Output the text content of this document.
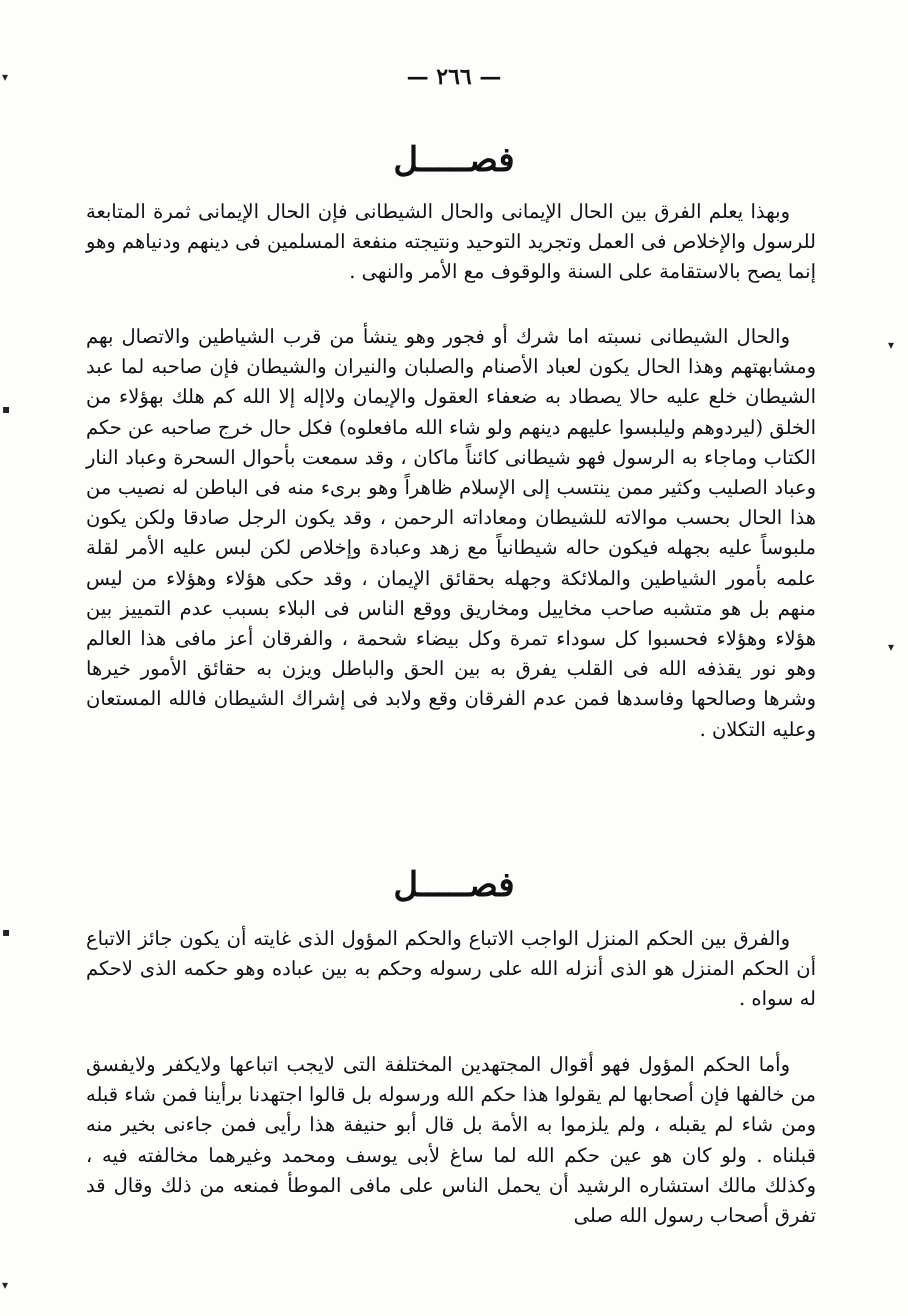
— ٢٦٦ —
فصـــــل

وبهذا يعلم الفرق بين الحال الإيمانى والحال الشيطانى فإن الحال الإيمانى ثمرة المتابعة للرسول والإخلاص فى العمل وتجريد التوحيد ونتيجته منفعة المسلمين فى دينهم ودنياهم وهو إنما يصح بالاستقامة على السنة والوقوف مع الأمر والنهى .

والحال الشيطانى نسبته اما شرك أو فجور وهو ينشأ من قرب الشياطين والاتصال بهم ومشابهتهم وهذا الحال يكون لعباد الأصنام والصلبان والنيران والشيطان فإن صاحبه لما عبد الشيطان خلع عليه حالا يصطاد به ضعفاء العقول والإيمان ولاإله إلا الله كم هلك بهؤلاء من الخلق (ليردوهم وليلبسوا عليهم دينهم ولو شاء الله مافعلوه) فكل حال خرج صاحبه عن حكم الكتاب وماجاء به الرسول فهو شيطانى كائناً ماكان ، وقد سمعت بأحوال السحرة وعباد النار وعباد الصليب وكثير ممن ينتسب إلى الإسلام ظاهراً وهو برىء منه فى الباطن له نصيب من هذا الحال بحسب موالاته للشيطان ومعاداته الرحمن ، وقد يكون الرجل صادقا ولكن يكون ملبوساً عليه بجهله فيكون حاله شيطانياً مع زهد وعبادة وإخلاص لكن لبس عليه الأمر لقلة علمه بأمور الشياطين والملائكة وجهله بحقائق الإيمان ، وقد حكى هؤلاء وهؤلاء من ليس منهم بل هو متشبه صاحب مخاييل ومخاريق ووقع الناس فى البلاء بسبب عدم التمييز بين هؤلاء وهؤلاء فحسبوا كل سوداء تمرة وكل بيضاء شحمة ، والفرقان أعز مافى هذا العالم وهو نور يقذفه الله فى القلب يفرق به بين الحق والباطل ويزن به حقائق الأمور خيرها وشرها وصالحها وفاسدها فمن عدم الفرقان وقع ولابد فى إشراك الشيطان فالله المستعان وعليه التكلان .

فصـــــل

والفرق بين الحكم المنزل الواجب الاتباع والحكم المؤول الذى غايته أن يكون جائز الاتباع أن الحكم المنزل هو الذى أنزله الله على رسوله وحكم به بين عباده وهو حكمه الذى لاحكم له سواه .

وأما الحكم المؤول فهو أقوال المجتهدين المختلفة التى لايجب اتباعها ولايكفر ولايفسق من خالفها فإن أصحابها لم يقولوا هذا حكم الله ورسوله بل قالوا اجتهدنا برأينا فمن شاء قبله ومن شاء لم يقبله ، ولم يلزموا به الأمة بل قال أبو حنيفة هذا رأيى فمن جاءنى بخير منه قبلناه . ولو كان هو عين حكم الله لما ساغ لأبى يوسف ومحمد وغيرهما مخالفته فيه ، وكذلك مالك استشاره الرشيد أن يحمل الناس على مافى الموطأ فمنعه من ذلك وقال قد تفرق أصحاب رسول الله صلى

▾
▾
▪
▾
▪
▾
